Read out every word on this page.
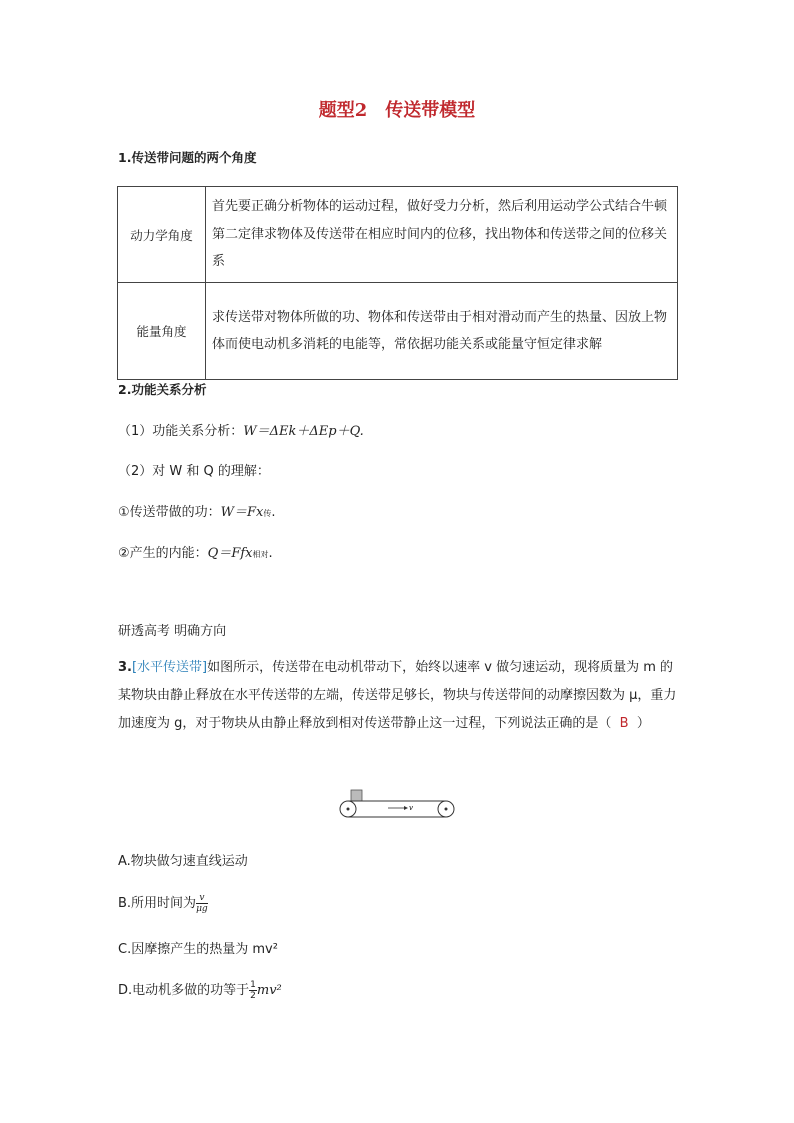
题型2　传送带模型
1.传送带问题的两个角度
动力学角度	首先要正确分析物体的运动过程，做好受力分析，然后利用运动学公式结合牛顿第二定律求物体及传送带在相应时间内的位移，找出物体和传送带之间的位移关系
能量角度	求传送带对物体所做的功、物体和传送带由于相对滑动而产生的热量、因放上物体而使电动机多消耗的电能等，常依据功能关系或能量守恒定律求解
2.功能关系分析
（1）功能关系分析：W＝ΔEk＋ΔEp＋Q.
（2）对 W 和 Q 的理解：
①传送带做的功：W＝Fx传.
②产生的内能：Q＝Ffx相对.
研透高考 明确方向
3.[水平传送带]如图所示，传送带在电动机带动下，始终以速率 v 做匀速运动，现将质量为 m 的某物块由静止释放在水平传送带的左端，传送带足够长，物块与传送带间的动摩擦因数为 μ，重力加速度为 g，对于物块从由静止释放到相对传送带静止这一过程，下列说法正确的是（ B ）
v
A.物块做匀速直线运动
B.所用时间为 $\frac{v}{\mu g}$
C.因摩擦产生的热量为 mv²
D.电动机多做的功等于 $\frac{1}{2} mv^2$
